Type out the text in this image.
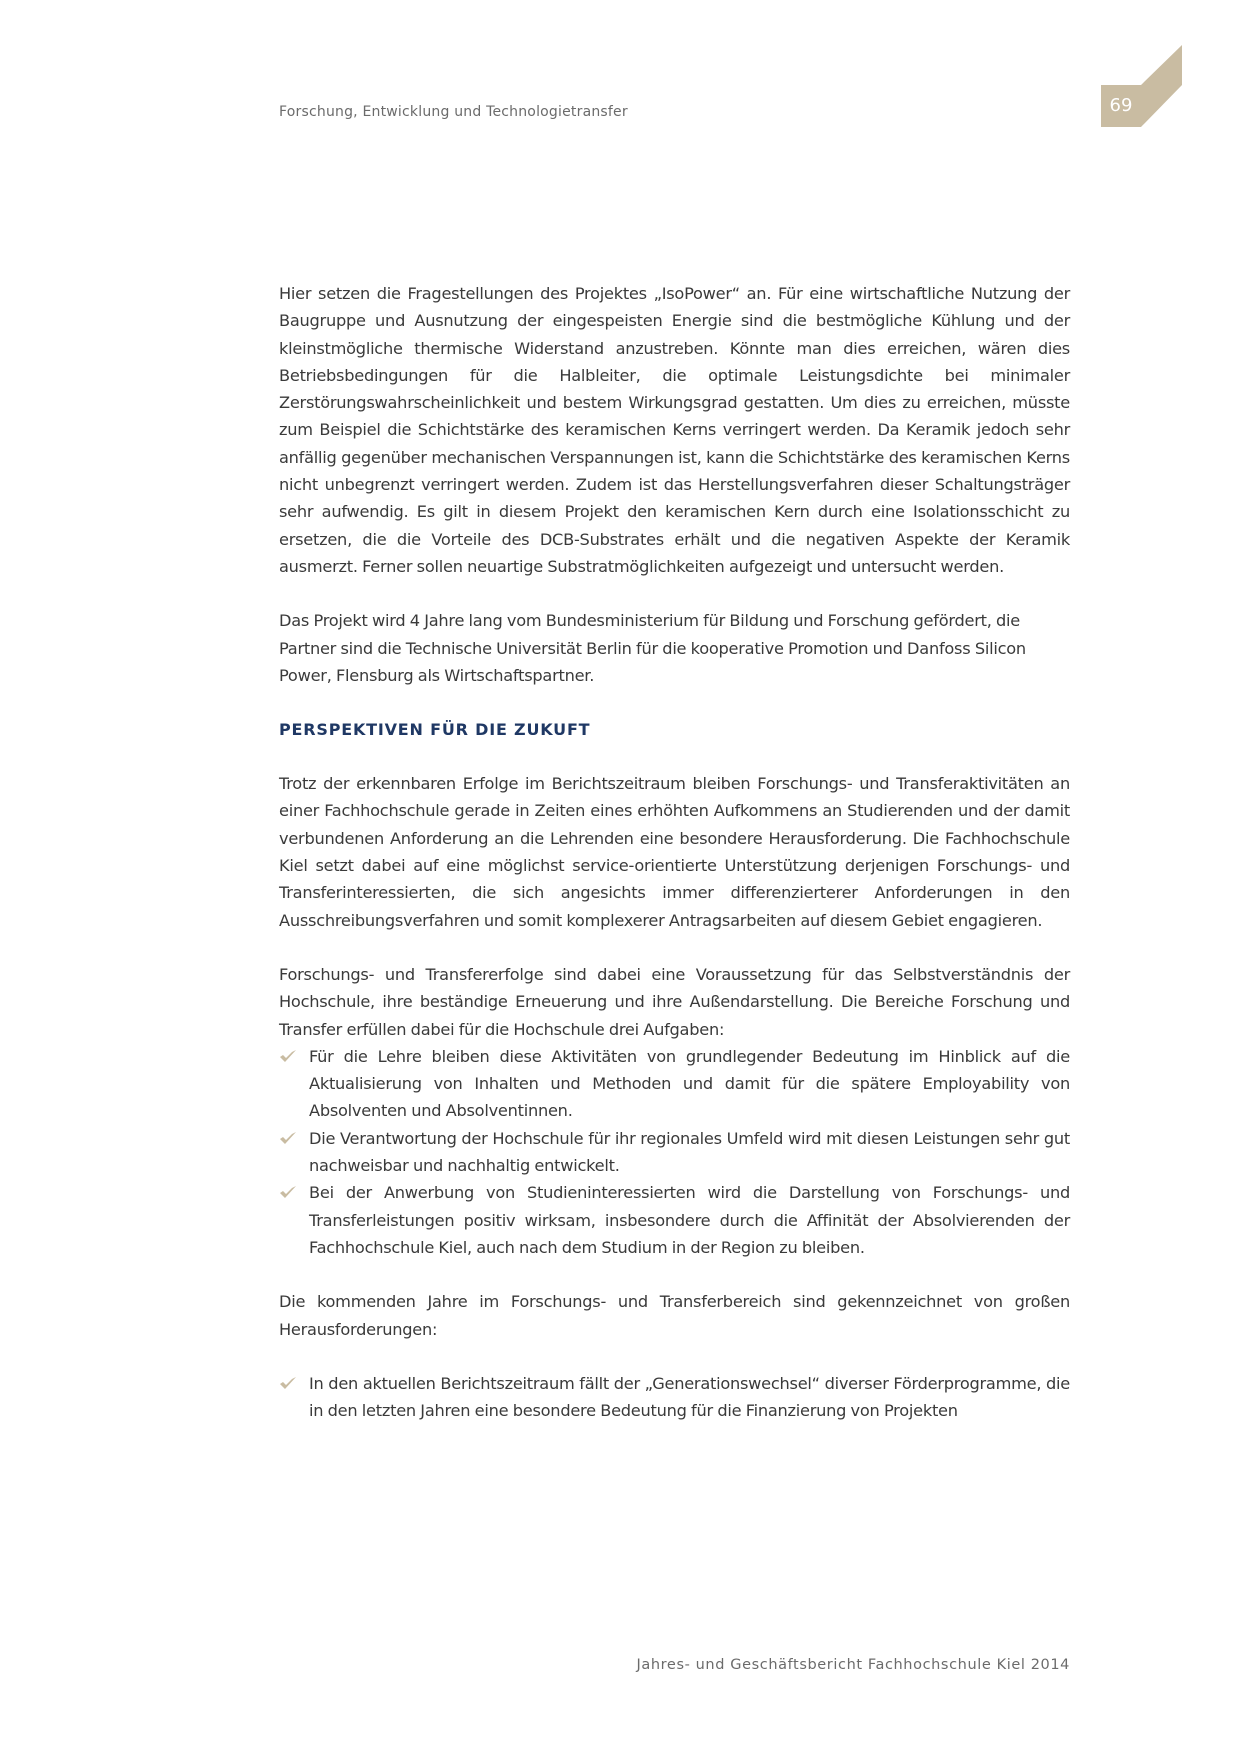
Forschung, Entwicklung und Technologietransfer	69

Hier setzen die Fragestellungen des Projektes „IsoPower“ an. Für eine wirtschaftliche Nutzung der Baugruppe und Ausnutzung der eingespeisten Energie sind die bestmögliche Kühlung und der kleinstmögliche thermische Widerstand anzustreben. Könnte man dies erreichen, wären dies Betriebsbedingungen für die Halbleiter, die optimale Leistungsdichte bei minimaler Zerstörungswahrscheinlichkeit und bestem Wirkungsgrad gestatten. Um dies zu erreichen, müsste zum Beispiel die Schichtstärke des keramischen Kerns verringert werden. Da Keramik jedoch sehr anfällig gegenüber mechanischen Verspannungen ist, kann die Schichtstärke des keramischen Kerns nicht unbegrenzt verringert werden. Zudem ist das Herstellungsverfahren dieser Schaltungsträger sehr aufwendig. Es gilt in diesem Projekt den keramischen Kern durch eine Isolationsschicht zu ersetzen, die die Vorteile des DCB-Substrates erhält und die negativen Aspekte der Keramik ausmerzt. Ferner sollen neuartige Substratmöglichkeiten aufgezeigt und untersucht werden.

Das Projekt wird 4 Jahre lang vom Bundesministerium für Bildung und Forschung gefördert, die Partner sind die Technische Universität Berlin für die kooperative Promotion und Danfoss Silicon Power, Flensburg als Wirtschaftspartner.

PERSPEKTIVEN FÜR DIE ZUKUFT

Trotz der erkennbaren Erfolge im Berichtszeitraum bleiben Forschungs- und Transferaktivitäten an einer Fachhochschule gerade in Zeiten eines erhöhten Aufkommens an Studierenden und der damit verbundenen Anforderung an die Lehrenden eine besondere Herausforderung. Die Fachhochschule Kiel setzt dabei auf eine möglichst service-orientierte Unterstützung derjenigen Forschungs- und Transferinteressierten, die sich angesichts immer differenzierterer Anforderungen in den Ausschreibungsverfahren und somit komplexerer Antragsarbeiten auf diesem Gebiet engagieren.

Forschungs- und Transfererfolge sind dabei eine Voraussetzung für das Selbstverständnis der Hochschule, ihre beständige Erneuerung und ihre Außendarstellung. Die Bereiche Forschung und Transfer erfüllen dabei für die Hochschule drei Aufgaben:

Für die Lehre bleiben diese Aktivitäten von grundlegender Bedeutung im Hinblick auf die Aktualisierung von Inhalten und Methoden und damit für die spätere Employability von Absolventen und Absolventinnen.
Die Verantwortung der Hochschule für ihr regionales Umfeld wird mit diesen Leistungen sehr gut nachweisbar und nachhaltig entwickelt.
Bei der Anwerbung von Studieninteressierten wird die Darstellung von Forschungs- und Transferleistungen positiv wirksam, insbesondere durch die Affinität der Absolvierenden der Fachhochschule Kiel, auch nach dem Studium in der Region zu bleiben.

Die kommenden Jahre im Forschungs- und Transferbereich sind gekennzeichnet von großen Herausforderungen:

In den aktuellen Berichtszeitraum fällt der „Generationswechsel“ diverser Förderprogramme, die in den letzten Jahren eine besondere Bedeutung für die Finanzierung von Projekten
Jahres- und Geschäftsbericht Fachhochschule Kiel 2014
